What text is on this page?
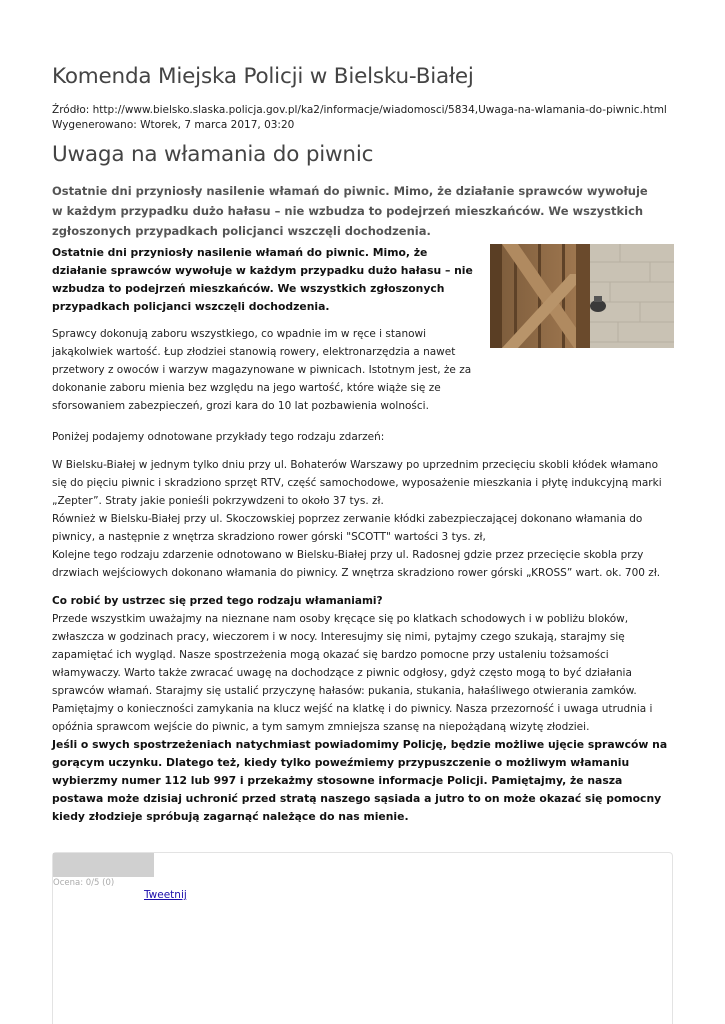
Komenda Miejska Policji w Bielsku-Białej
Źródło: http://www.bielsko.slaska.policja.gov.pl/ka2/informacje/wiadomosci/5834,Uwaga-na-wlamania-do-piwnic.html
Wygenerowano: Wtorek, 7 marca 2017, 03:20
Uwaga na włamania do piwnic

Ostatnie dni przyniosły nasilenie włamań do piwnic. Mimo, że działanie sprawców wywołuje w każdym przypadku dużo hałasu – nie wzbudza to podejrzeń mieszkańców. We wszystkich zgłoszonych przypadkach policjanci wszczęli dochodzenia.

Ostatnie dni przyniosły nasilenie włamań do piwnic. Mimo, że działanie sprawców wywołuje w każdym przypadku dużo hałasu – nie wzbudza to podejrzeń mieszkańców. We wszystkich zgłoszonych przypadkach policjanci wszczęli dochodzenia.

Sprawcy dokonują zaboru wszystkiego, co wpadnie im w ręce i stanowi jakąkolwiek wartość. Łup złodziei stanowią rowery, elektronarzędzia a nawet przetwory z owoców i warzyw magazynowane w piwnicach. Istotnym jest, że za dokonanie zaboru mienia bez względu na jego wartość, które wiąże się ze sforsowaniem zabezpieczeń, grozi kara do 10 lat pozbawienia wolności.

Poniżej podajemy odnotowane przykłady tego rodzaju zdarzeń:

W Bielsku-Białej w jednym tylko dniu przy ul. Bohaterów Warszawy po uprzednim przecięciu skobli kłódek włamano się do pięciu piwnic i skradziono sprzęt RTV, część samochodowe, wyposażenie mieszkania i płytę indukcyjną marki „Zepter”. Straty jakie ponieśli pokrzywdzeni to około 37 tys. zł.
Również w Bielsku-Białej przy ul. Skoczowskiej poprzez zerwanie kłódki zabezpieczającej dokonano włamania do piwnicy, a następnie z wnętrza skradziono rower górski "SCOTT" wartości 3 tys. zł,
Kolejne tego rodzaju zdarzenie odnotowano w Bielsku-Białej przy ul. Radosnej gdzie przez przecięcie skobla przy drzwiach wejściowych dokonano włamania do piwnicy. Z wnętrza skradziono rower górski „KROSS” wart. ok. 700 zł.
Co robić by ustrzec się przed tego rodzaju włamaniami?
Przede wszystkim uważajmy na nieznane nam osoby kręcące się po klatkach schodowych i w pobliżu bloków, zwłaszcza w godzinach pracy, wieczorem i w nocy. Interesujmy się nimi, pytajmy czego szukają, starajmy się zapamiętać ich wygląd. Nasze spostrzeżenia mogą okazać się bardzo pomocne przy ustaleniu tożsamości włamywaczy. Warto także zwracać uwagę na dochodzące z piwnic odgłosy, gdyż często mogą to być działania sprawców włamań. Starajmy się ustalić przyczynę hałasów: pukania, stukania, hałaśliwego otwierania zamków. Pamiętajmy o konieczności zamykania na klucz wejść na klatkę i do piwnicy. Nasza przezorność i uwaga utrudnia i opóźnia sprawcom wejście do piwnic, a tym samym zmniejsza szansę na niepożądaną wizytę złodziei.
Jeśli o swych spostrzeżeniach natychmiast powiadomimy Policję, będzie możliwe ujęcie sprawców na gorącym uczynku. Dlatego też, kiedy tylko poweźmiemy przypuszczenie o możliwym włamaniu wybierzmy numer 112 lub 997 i przekażmy stosowne informacje Policji. Pamiętajmy, że nasza postawa może dzisiaj uchronić przed stratą naszego sąsiada a jutro to on może okazać się pomocny kiedy złodzieje spróbują zagarnąć należące do nas mienie.
Ocena: 0/5 (0)
Tweetnij
